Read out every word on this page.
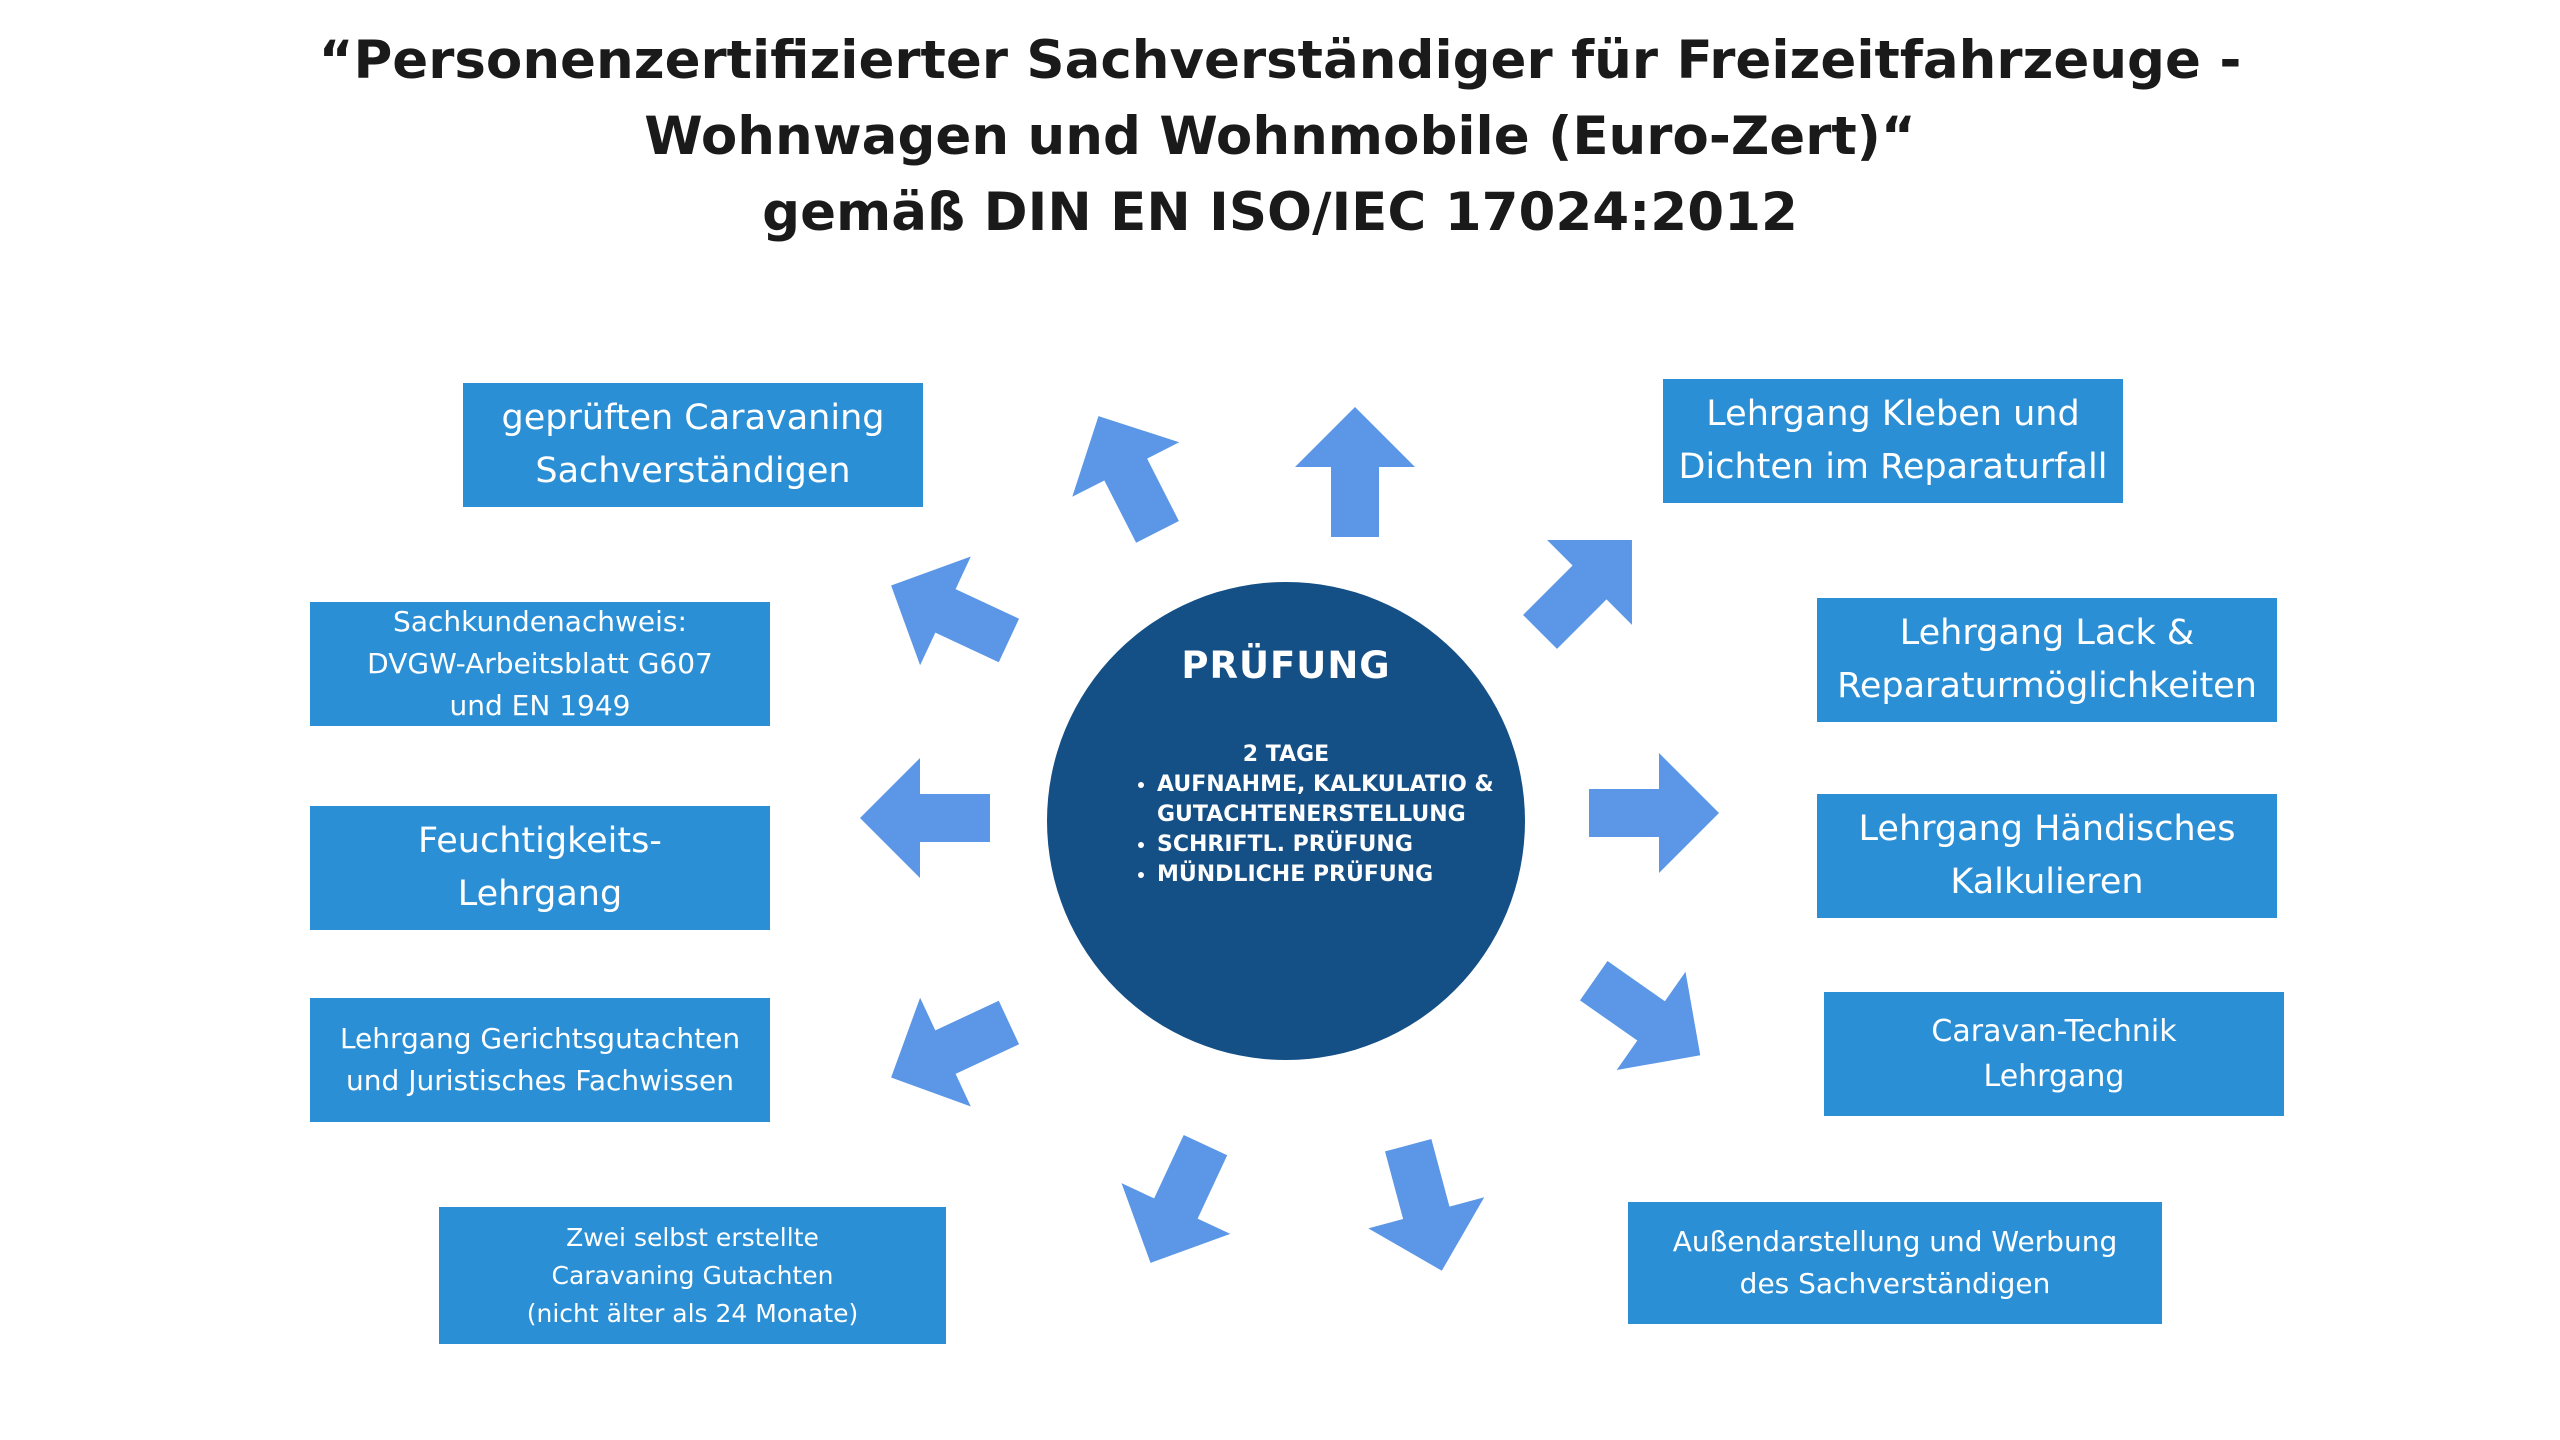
“Personenzertifizierter Sachverständiger für Freizeitfahrzeuge -
Wohnwagen und Wohnmobile (Euro-Zert)“
gemäß DIN EN ISO/IEC 17024:2012
geprüften Caravaning
Sachverständigen
Sachkundenachweis:
DVGW-Arbeitsblatt G607
und EN 1949
Feuchtigkeits-
Lehrgang
Lehrgang Gerichtsgutachten
und Juristisches Fachwissen
Zwei selbst erstellte
Caravaning Gutachten
(nicht älter als 24 Monate)
Lehrgang Kleben und
Dichten im Reparaturfall
Lehrgang Lack &
Reparaturmöglichkeiten
Lehrgang Händisches
Kalkulieren
Caravan-Technik
Lehrgang
Außendarstellung und Werbung
des Sachverständigen
PRÜFUNG
2 TAGE
• AUFNAHME, KALKULATIO &
GUTACHTENERSTELLUNG
• SCHRIFTL. PRÜFUNG
• MÜNDLICHE PRÜFUNG
